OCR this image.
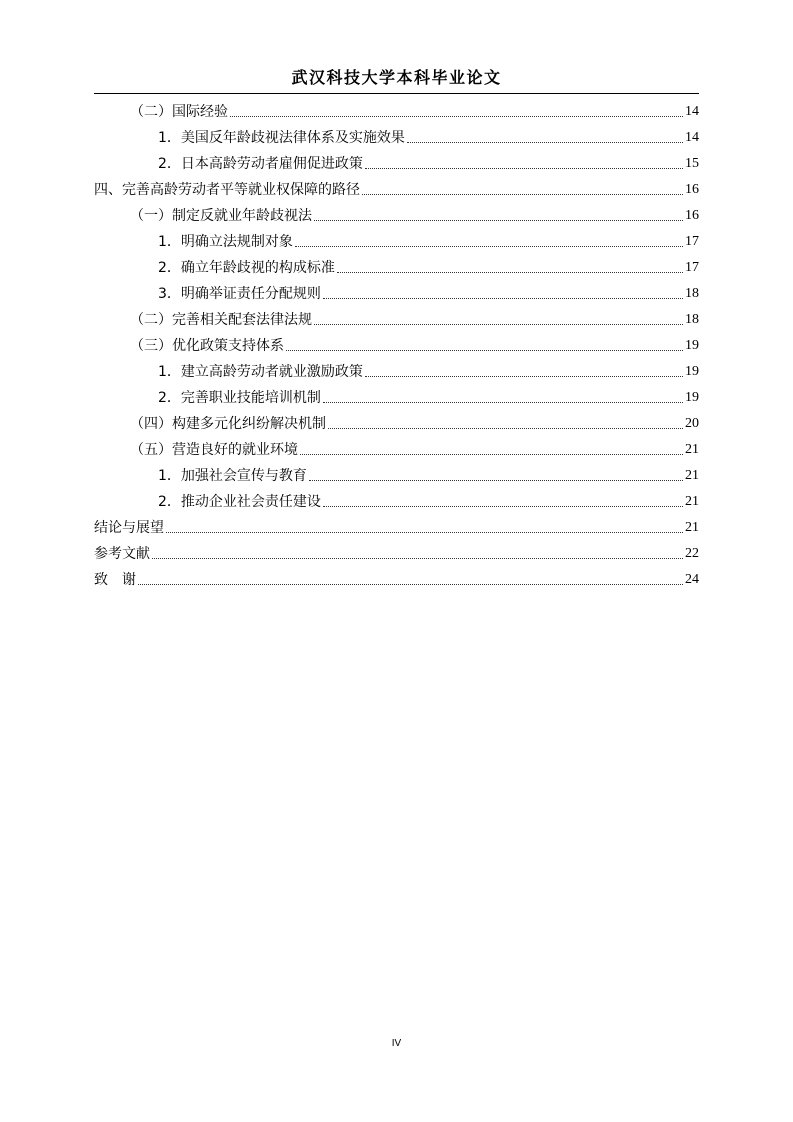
武汉科技大学本科毕业论文
（二）国际经验	14
1．美国反年龄歧视法律体系及实施效果	14
2．日本高龄劳动者雇佣促进政策	15
四、完善高龄劳动者平等就业权保障的路径	16
（一）制定反就业年龄歧视法	16
1．明确立法规制对象	17
2．确立年龄歧视的构成标准	17
3．明确举证责任分配规则	18
（二）完善相关配套法律法规	18
（三）优化政策支持体系	19
1．建立高龄劳动者就业激励政策	19
2．完善职业技能培训机制	19
（四）构建多元化纠纷解决机制	20
（五）营造良好的就业环境	21
1．加强社会宣传与教育	21
2．推动企业社会责任建设	21
结论与展望	21
参考文献	22
致　谢	24
IV
